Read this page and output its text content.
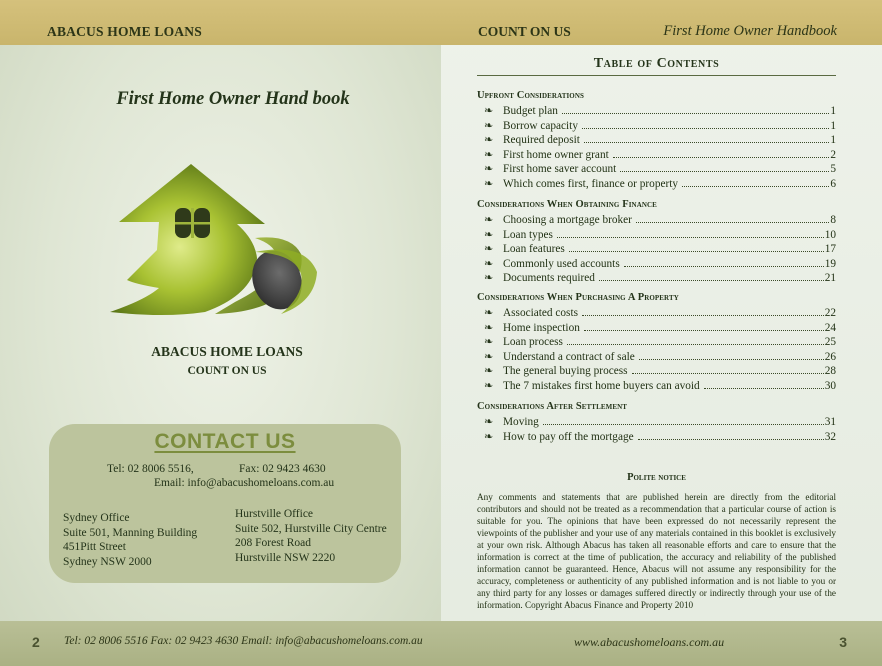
ABACUS HOME LOANS
First Home Owner Hand book
ABACUS HOME LOANS
COUNT ON US
CONTACT US
Tel: 02 8006 5516,	Fax: 02 9423 4630
Email: info@abacushomeloans.com.au
Sydney Office
Suite 501, Manning Building
451Pitt Street
Sydney NSW 2000
Hurstville Office
Suite 502, Hurstville City Centre
208 Forest Road
Hurstville NSW 2220
2 Tel: 02 8006 5516 Fax: 02 9423 4630 Email: info@abacushomeloans.com.au
COUNT ON US	First Home Owner Handbook
Table of Contents
Upfront Considerations
❧ Budget plan	1
❧ Borrow capacity	1
❧ Required deposit	1
❧ First home owner grant	2
❧ First home saver account	5
❧ Which comes first, finance or property	6
Considerations When Obtaining Finance
❧ Choosing a mortgage broker	8
❧ Loan types	10
❧ Loan features	17
❧ Commonly used accounts	19
❧ Documents required	21
Considerations When Purchasing A Property
❧ Associated costs	22
❧ Home inspection	24
❧ Loan process	25
❧ Understand a contract of sale	26
❧ The general buying process	28
❧ The 7 mistakes first home buyers can avoid	30
Considerations After Settlement
❧ Moving	31
❧ How to pay off the mortgage	32
Polite notice
Any comments and statements that are published herein are directly from the editorial contributors and should not be treated as a recommendation that a particular course of action is suitable for you. The opinions that have been expressed do not necessarily represent the viewpoints of the publisher and your use of any materials contained in this booklet is exclusively at your own risk. Although Abacus has taken all reasonable efforts and care to ensure that the information is correct at the time of publication, the accuracy and reliability of the published information cannot be guaranteed. Hence, Abacus will not assume any responsibility for the accuracy, completeness or authenticity of any published information and is not liable to you or any third party for any losses or damages suffered directly or indirectly through your use of the information. Copyright Abacus Finance and Property 2010
www.abacushomeloans.com.au	3
